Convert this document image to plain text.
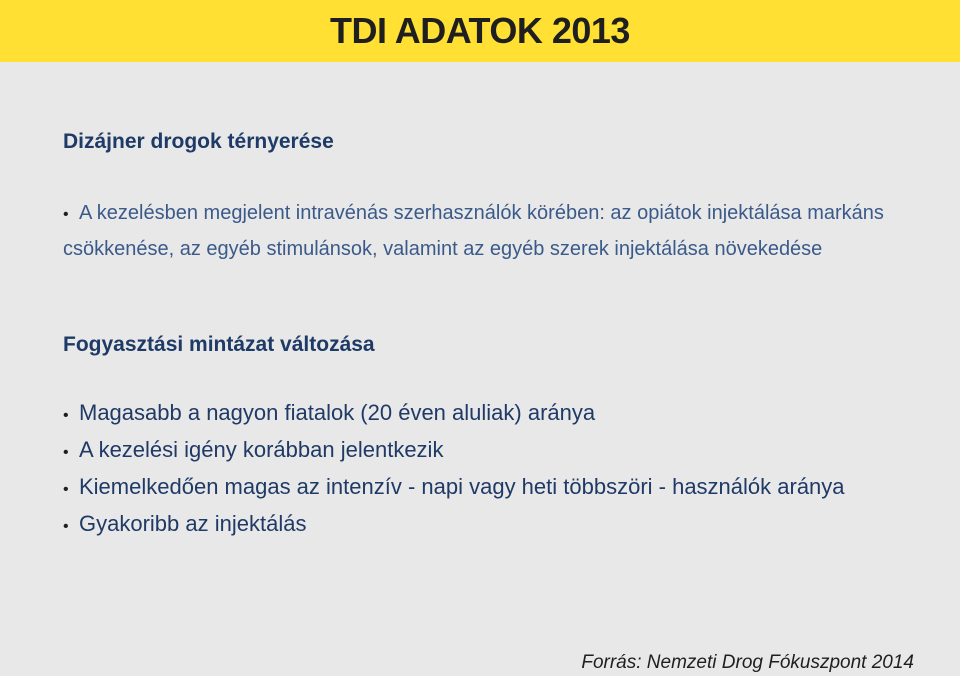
TDI ADATOK 2013
Dizájner drogok térnyerése

• A kezelésben megjelent intravénás szerhasználók körében: az opiátok injektálása markáns csökkenése, az egyéb stimulánsok, valamint az egyéb szerek injektálása növekedése

Fogyasztási mintázat változása

• Magasabb a nagyon fiatalok (20 éven aluliak) aránya

• A kezelési igény korábban jelentkezik

• Kiemelkedően magas az intenzív - napi vagy heti többszöri - használók aránya

• Gyakoribb az injektálás

Forrás: Nemzeti Drog Fókuszpont 2014
